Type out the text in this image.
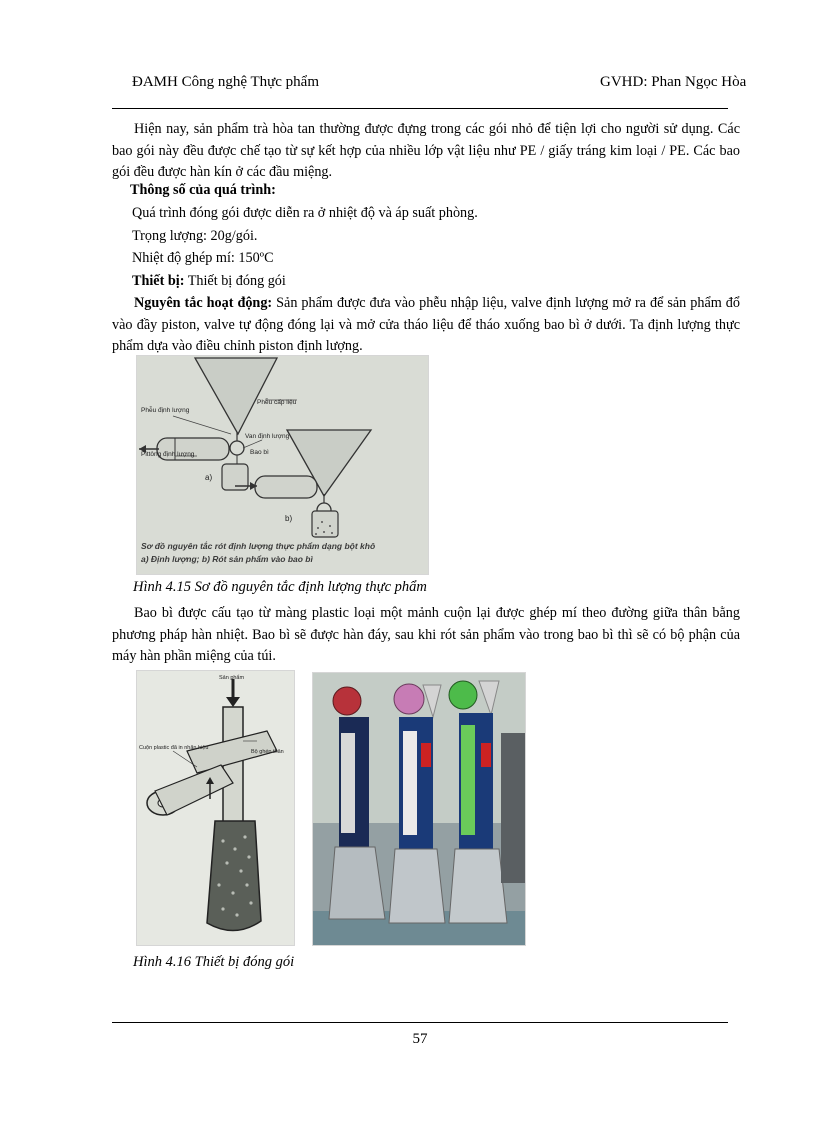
ĐAMH Công nghệ Thực phẩm	GVHD: Phan Ngọc Hòa

Hiện nay, sản phẩm trà hòa tan thường được đựng trong các gói nhỏ để tiện lợi cho người sử dụng. Các bao gói này đều được chế tạo từ sự kết hợp của nhiều lớp vật liệu như PE / giấy tráng kim loại / PE. Các bao gói đều được hàn kín ở các đầu miệng.

Thông số của quá trình:
Quá trình đóng gói được diễn ra ở nhiệt độ và áp suất phòng.
Trọng lượng: 20g/gói.
Nhiệt độ ghép mí: 150ºC
Thiết bị: Thiết bị đóng gói

Nguyên tắc hoạt động: Sản phẩm được đưa vào phễu nhập liệu, valve định lượng mở ra để sản phẩm đổ vào đầy piston, valve tự động đóng lại và mở cửa tháo liệu để tháo xuống bao bì ở dưới. Ta định lượng thực phẩm dựa vào điều chỉnh piston định lượng.

Phễu cấp liệu
Phễu định lượng
Van định lượng
Pittông định lượng	Bao bì
a)
b)
Sơ đồ nguyên tắc rót định lượng thực phẩm dạng bột khô
a) Định lượng; b) Rót sản phẩm vào bao bì
Hình 4.15 Sơ đồ nguyên tắc định lượng thực phẩm

Bao bì được cấu tạo từ màng plastic loại một mảnh cuộn lại được ghép mí theo đường giữa thân bằng phương pháp hàn nhiệt. Bao bì sẽ được hàn đáy, sau khi rót sản phẩm vào trong bao bì thì sẽ có bộ phận của máy hàn phần miệng của túi.

Sản phẩm
Cuộn plastic đã in nhãn hiệu
Bộ ghép thân
Hình 4.16 Thiết bị đóng gói
57
